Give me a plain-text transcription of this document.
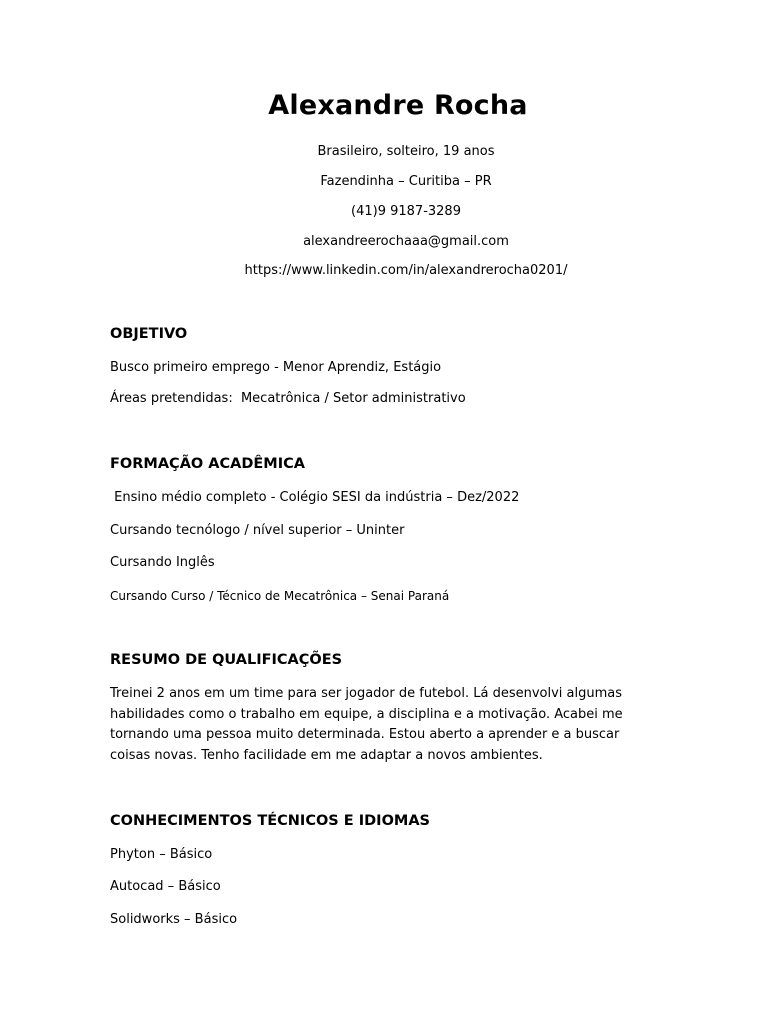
Alexandre Rocha

Brasileiro, solteiro, 19 anos

Fazendinha – Curitiba – PR

(41)9 9187-3289

alexandreerochaaa@gmail.com

https://www.linkedin.com/in/alexandrerocha0201/

OBJETIVO

Busco primeiro emprego - Menor Aprendiz, Estágio

Áreas pretendidas:  Mecatrônica / Setor administrativo

FORMAÇÃO ACADÊMICA

Ensino médio completo - Colégio SESI da indústria – Dez/2022

Cursando tecnólogo / nível superior – Uninter

Cursando Inglês

Cursando Curso / Técnico de Mecatrônica – Senai Paraná

RESUMO DE QUALIFICAÇÕES

Treinei 2 anos em um time para ser jogador de futebol. Lá desenvolvi algumas habilidades como o trabalho em equipe, a disciplina e a motivação. Acabei me tornando uma pessoa muito determinada. Estou aberto a aprender e a buscar coisas novas. Tenho facilidade em me adaptar a novos ambientes.

CONHECIMENTOS TÉCNICOS E IDIOMAS

Phyton – Básico

Autocad – Básico

Solidworks – Básico
